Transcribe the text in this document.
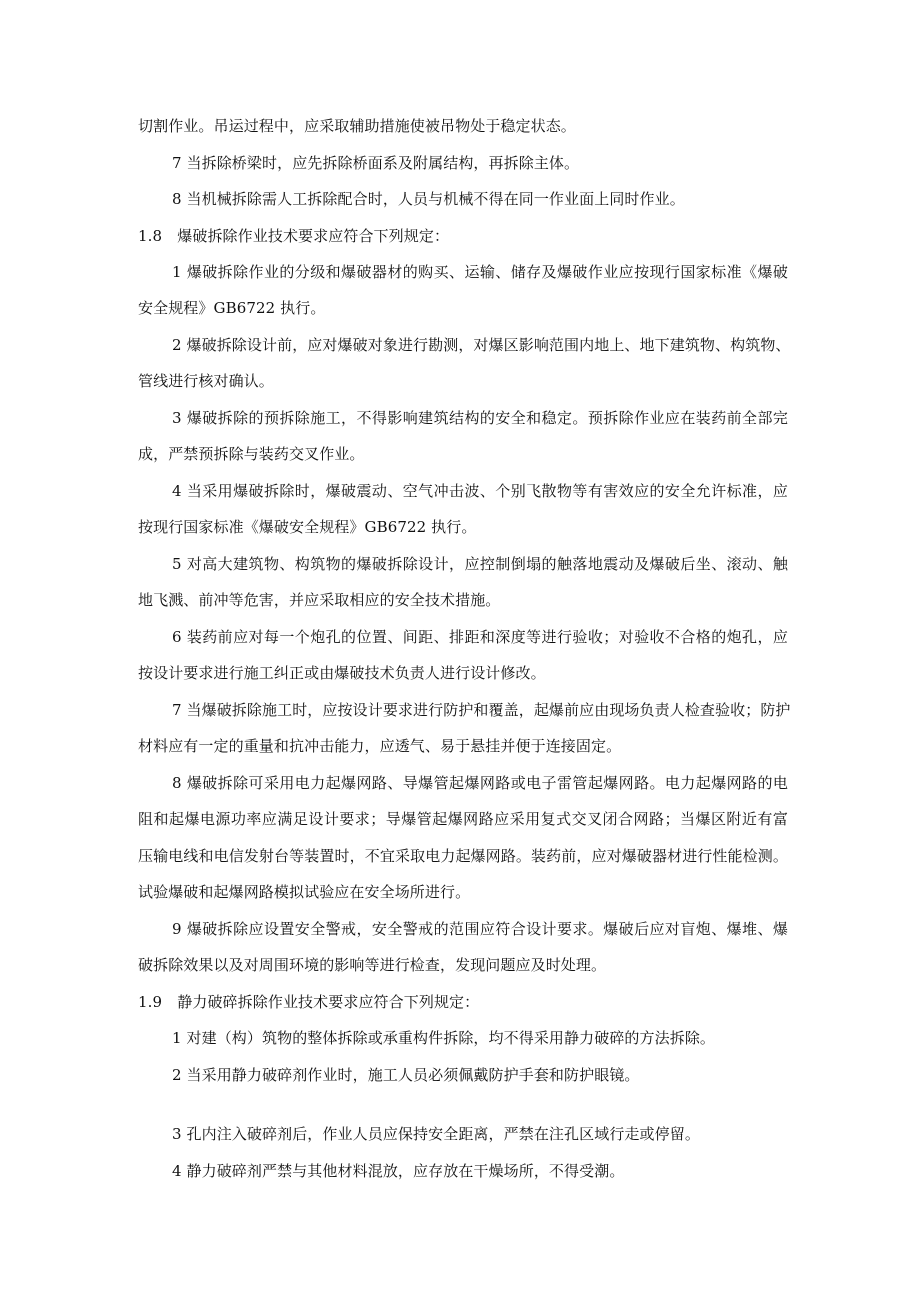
切割作业。吊运过程中，应采取辅助措施使被吊物处于稳定状态。
7 当拆除桥梁时，应先拆除桥面系及附属结构，再拆除主体。
8 当机械拆除需人工拆除配合时，人员与机械不得在同一作业面上同时作业。
1.8　爆破拆除作业技术要求应符合下列规定：
1 爆破拆除作业的分级和爆破器材的购买、运输、储存及爆破作业应按现行国家标准《爆破
安全规程》GB6722 执行。
2 爆破拆除设计前，应对爆破对象进行勘测，对爆区影响范围内地上、地下建筑物、构筑物、
管线进行核对确认。
3 爆破拆除的预拆除施工，不得影响建筑结构的安全和稳定。预拆除作业应在装药前全部完
成，严禁预拆除与装药交叉作业。
4 当采用爆破拆除时，爆破震动、空气冲击波、个别飞散物等有害效应的安全允许标准，应
按现行国家标准《爆破安全规程》GB6722 执行。
5 对高大建筑物、构筑物的爆破拆除设计，应控制倒塌的触落地震动及爆破后坐、滚动、触
地飞溅、前冲等危害，并应采取相应的安全技术措施。
6 装药前应对每一个炮孔的位置、间距、排距和深度等进行验收；对验收不合格的炮孔，应
按设计要求进行施工纠正或由爆破技术负责人进行设计修改。
7 当爆破拆除施工时，应按设计要求进行防护和覆盖，起爆前应由现场负责人检查验收；防护
材料应有一定的重量和抗冲击能力，应透气、易于悬挂并便于连接固定。
8 爆破拆除可采用电力起爆网路、导爆管起爆网路或电子雷管起爆网路。电力起爆网路的电
阻和起爆电源功率应满足设计要求；导爆管起爆网路应采用复式交叉闭合网路；当爆区附近有富
压输电线和电信发射台等装置时，不宜采取电力起爆网路。装药前，应对爆破器材进行性能检测。
试验爆破和起爆网路模拟试验应在安全场所进行。
9 爆破拆除应设置安全警戒，安全警戒的范围应符合设计要求。爆破后应对盲炮、爆堆、爆
破拆除效果以及对周围环境的影响等进行检查，发现问题应及时处理。
1.9　静力破碎拆除作业技术要求应符合下列规定：
1 对建（构）筑物的整体拆除或承重构件拆除，均不得采用静力破碎的方法拆除。
2 当采用静力破碎剂作业时，施工人员必须佩戴防护手套和防护眼镜。
3 孔内注入破碎剂后，作业人员应保持安全距离，严禁在注孔区域行走或停留。
4 静力破碎剂严禁与其他材料混放，应存放在干燥场所，不得受潮。
